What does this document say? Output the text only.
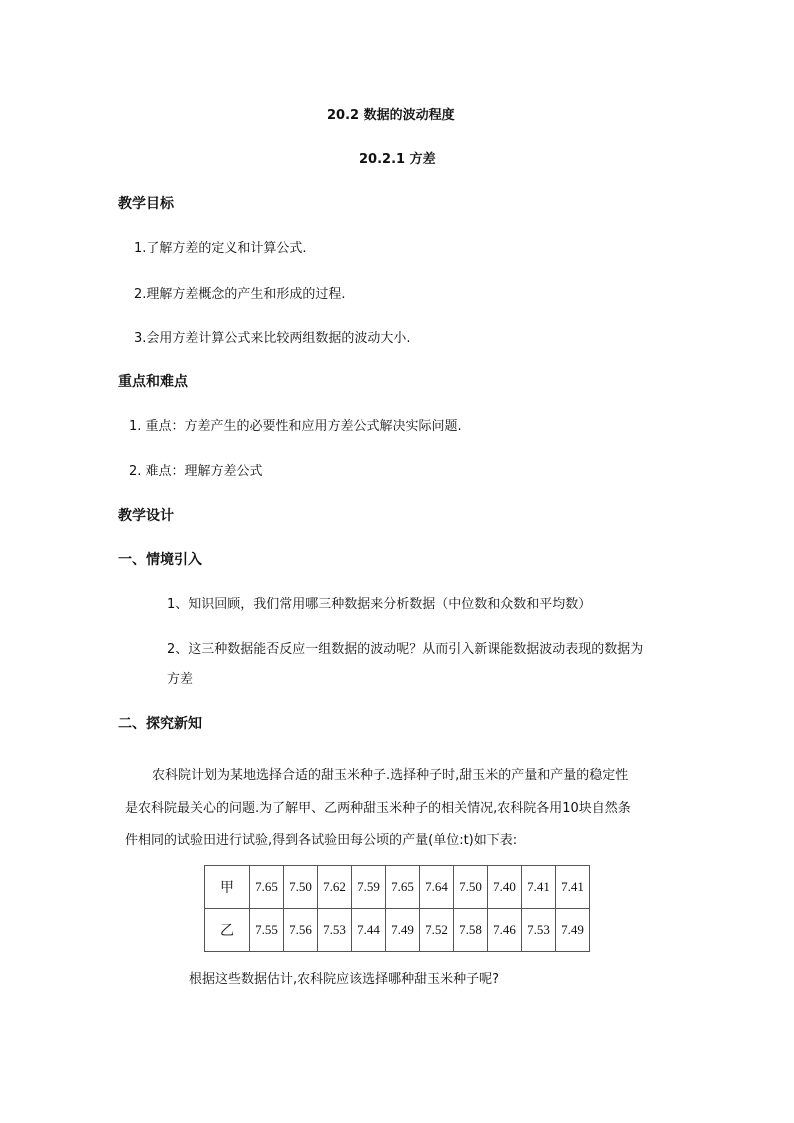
20.2 数据的波动程度
20.2.1 方差
教学目标
1.了解方差的定义和计算公式.
2.理解方差概念的产生和形成的过程.
3.会用方差计算公式来比较两组数据的波动大小.
重点和难点
1. 重点：方差产生的必要性和应用方差公式解决实际问题.
2. 难点：理解方差公式
教学设计
一、情境引入
1、知识回顾，我们常用哪三种数据来分析数据（中位数和众数和平均数）
2、这三种数据能否反应一组数据的波动呢？从而引入新课能数据波动表现的数据为
方差
二、探究新知
农科院计划为某地选择合适的甜玉米种子.选择种子时,甜玉米的产量和产量的稳定性
是农科院最关心的问题.为了解甲、乙两种甜玉米种子的相关情况,农科院各用10块自然条
件相同的试验田进行试验,得到各试验田每公顷的产量(单位:t)如下表:
甲	7.65	7.50	7.62	7.59	7.65	7.64	7.50	7.40	7.41	7.41
乙	7.55	7.56	7.53	7.44	7.49	7.52	7.58	7.46	7.53	7.49
根据这些数据估计,农科院应该选择哪种甜玉米种子呢?
